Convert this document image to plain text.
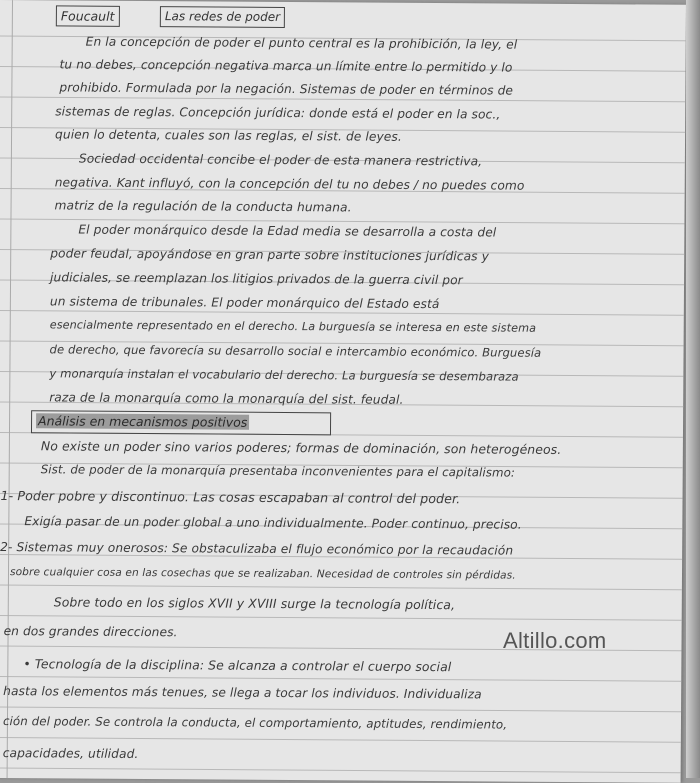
Foucault	Las redes de poder
En la concepción de poder el punto central es la prohibición, la ley, el
tu no debes, concepción negativa marca un límite entre lo permitido y lo
prohibido. Formulada por la negación. Sistemas de poder en términos de
sistemas de reglas. Concepción jurídica: donde está el poder en la soc.,
quien lo detenta, cuales son las reglas, el sist. de leyes.
Sociedad occidental concibe el poder de esta manera restrictiva,
negativa. Kant influyó, con la concepción del tu no debes / no puedes como
matriz de la regulación de la conducta humana.
El poder monárquico desde la Edad media se desarrolla a costa del
poder feudal, apoyándose en gran parte sobre instituciones jurídicas y
judiciales, se reemplazan los litigios privados de la guerra civil por
un sistema de tribunales. El poder monárquico del Estado está
esencialmente representado en el derecho. La burguesía se interesa en este sistema
de derecho, que favorecía su desarrollo social e intercambio económico. Burguesía
y monarquía instalan el vocabulario del derecho. La burguesía se desembaraza
raza de la monarquía como la monarquía del sist. feudal.
Análisis en mecanismos positivos
No existe un poder sino varios poderes; formas de dominación, son heterogéneos.
Sist. de poder de la monarquía presentaba inconvenientes para el capitalismo:
1- Poder pobre y discontinuo. Las cosas escapaban al control del poder.
Exigía pasar de un poder global a uno individualmente. Poder continuo, preciso.
2- Sistemas muy onerosos: Se obstaculizaba el flujo económico por la recaudación
sobre cualquier cosa en las cosechas que se realizaban. Necesidad de controles sin pérdidas.
Sobre todo en los siglos XVII y XVIII surge la tecnología política,
en dos grandes direcciones.
• Tecnología de la disciplina: Se alcanza a controlar el cuerpo social
hasta los elementos más tenues, se llega a tocar los individuos. Individualiza
ción del poder. Se controla la conducta, el comportamiento, aptitudes, rendimiento,
capacidades, utilidad.
Altillo.com
